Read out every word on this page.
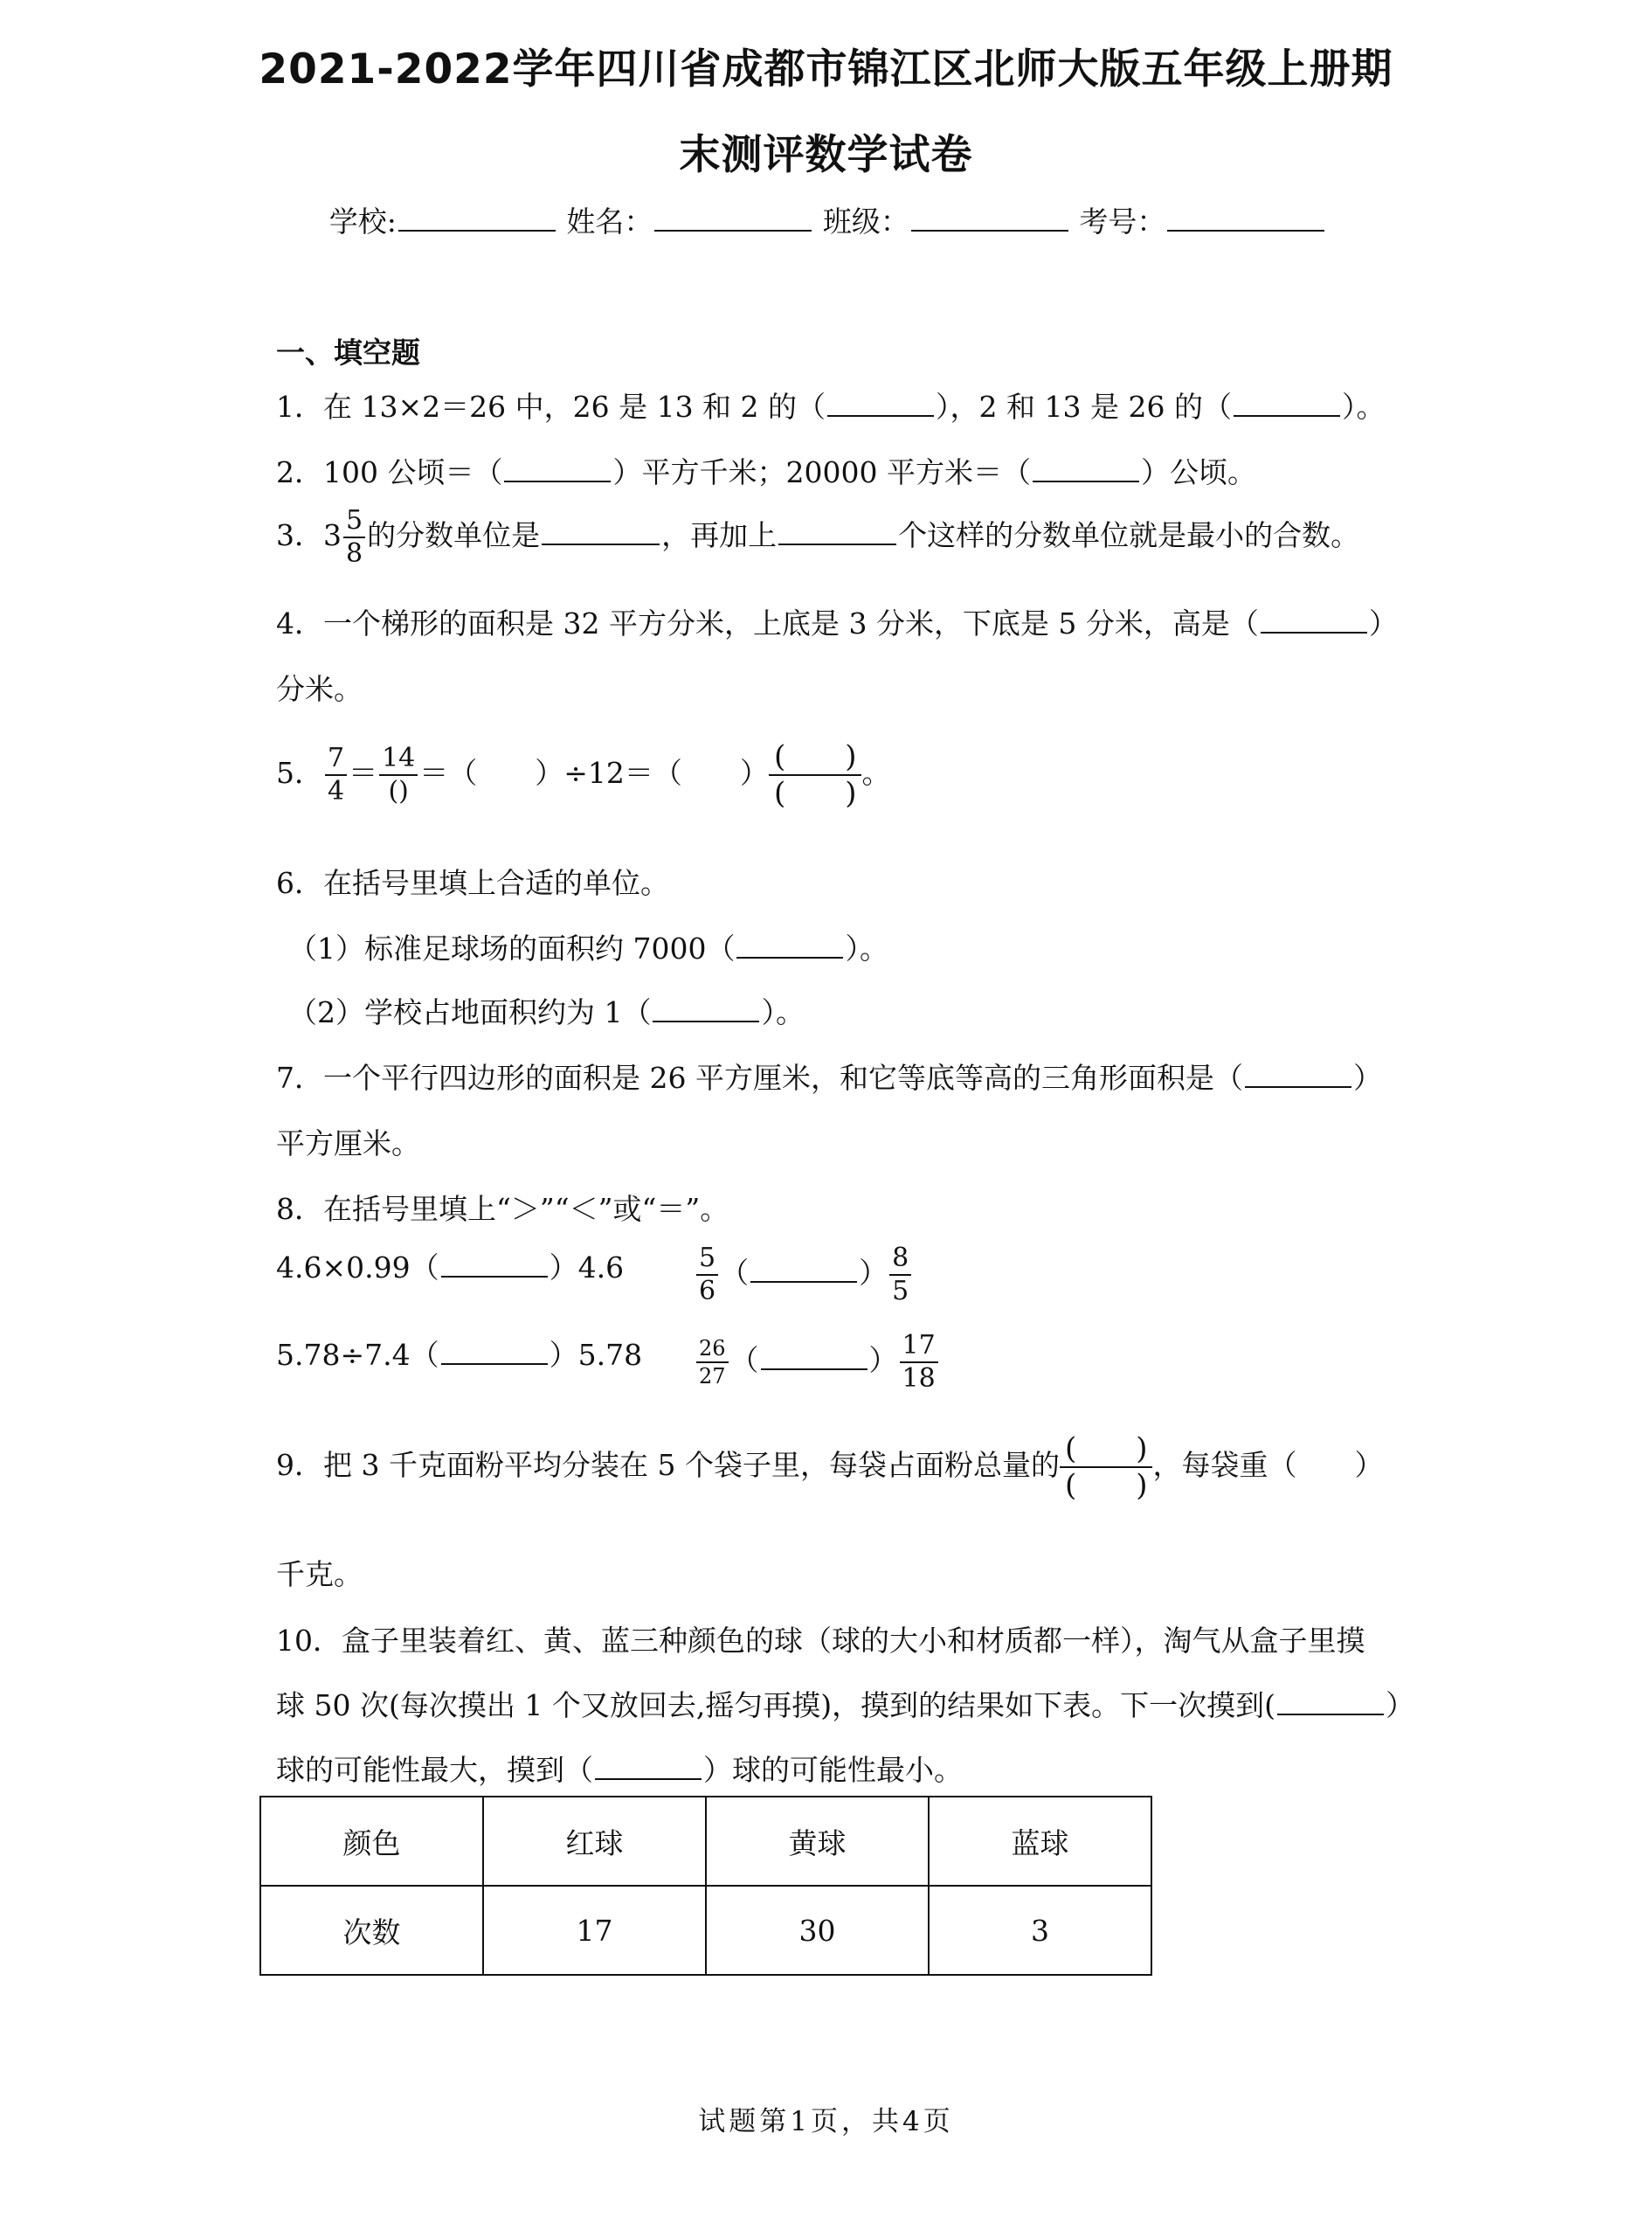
2021-2022学年四川省成都市锦江区北师大版五年级上册期
末测评数学试卷
学校:	姓名：	班级：	考号：
一、填空题
1．在 13×2＝26 中，26 是 13 和 2 的（	），2 和 13 是 26 的（	）。
2．100 公顷＝（	）平方千米；20000 平方米＝（	）公顷。
3．$3 \frac{5}{8}$ 的分数单位是	，再加上	个这样的分数单位就是最小的合数。
4．一个梯形的面积是 32 平方分米，上底是 3 分米，下底是 5 分米，高是（	）
分米。
5． $\frac{7}{4} = \frac{14}{()}$ ＝（　　）÷12＝（　　） (　　)
(　　)
。
6．在括号里填上合适的单位。
（1）标准足球场的面积约 7000（	）。
（2）学校占地面积约为 1（	）。
7．一个平行四边形的面积是 26 平方厘米，和它等底等高的三角形面积是（	）
平方厘米。
8．在括号里填上“＞”“＜”或“＝”。
4.6×0.99（	）4.6	$\frac{5}{6}$ （	） $\frac{8}{5}$
5.78÷7.4（	）5.78	$\frac{26}{27}$ （	） $\frac{17}{18}$
9．把 3 千克面粉平均分装在 5 个袋子里，每袋占面粉总量的 (　　)
(　　)
，每袋重（　　）
千克。
10．盒子里装着红、黄、蓝三种颜色的球（球的大小和材质都一样），淘气从盒子里摸
球 50 次(每次摸出 1 个又放回去,摇匀再摸)，摸到的结果如下表。下一次摸到(	）
球的可能性最大，摸到（	）球的可能性最小。
颜色	红球	黄球	蓝球
次数	17	30	3
试题第1页，共4页
